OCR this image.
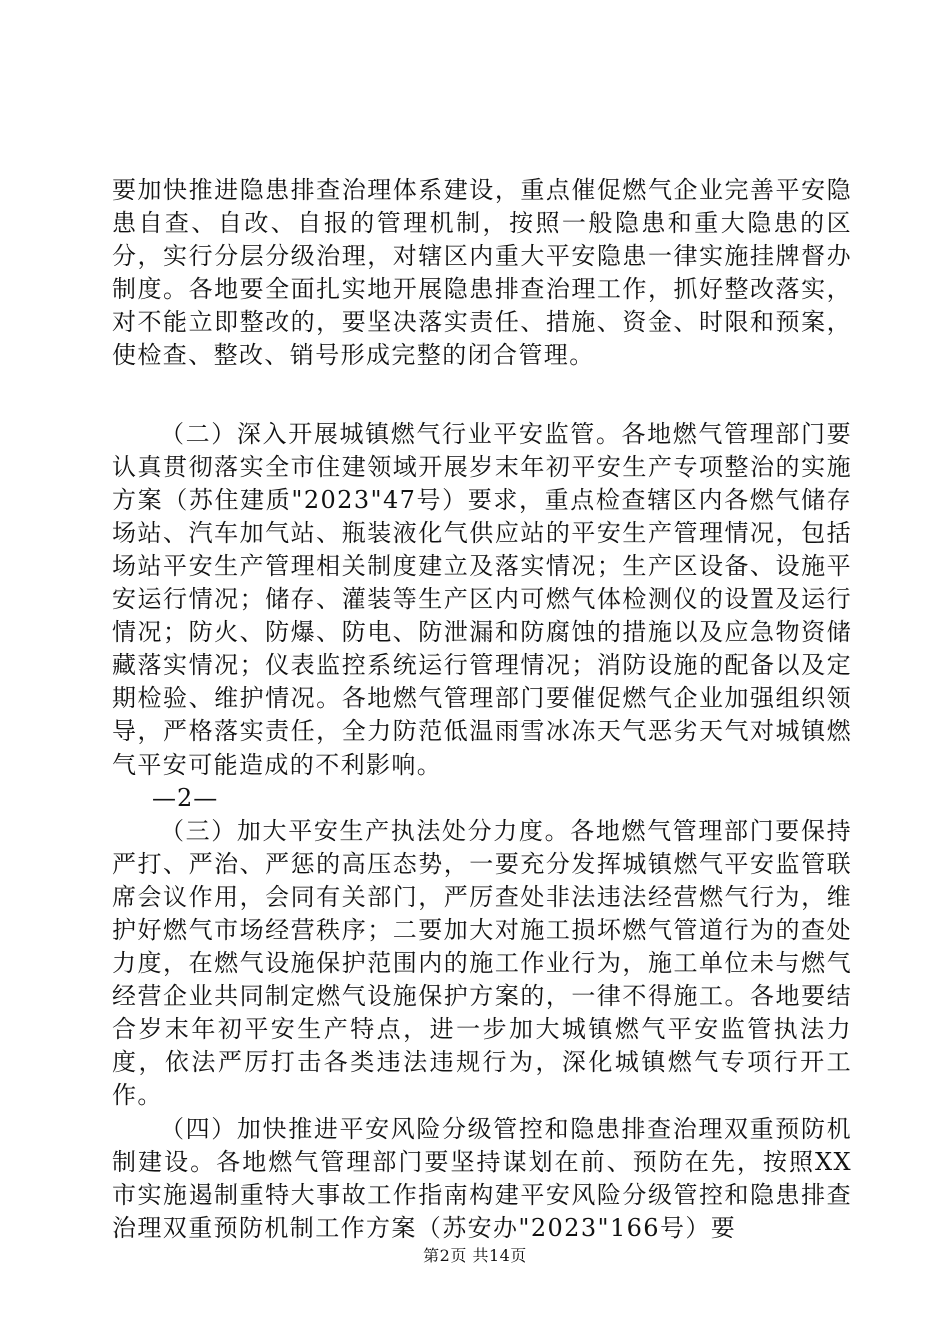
要加快推进隐患排查治理体系建设，重点催促燃气企业完善平安隐患自查、自改、自报的管理机制，按照一般隐患和重大隐患的区分，实行分层分级治理，对辖区内重大平安隐患一律实施挂牌督办制度。各地要全面扎实地开展隐患排查治理工作，抓好整改落实，对不能立即整改的，要坚决落实责任、措施、资金、时限和预案，使检查、整改、销号形成完整的闭合管理。

（二）深入开展城镇燃气行业平安监管。各地燃气管理部门要认真贯彻落实全市住建领域开展岁末年初平安生产专项整治的实施方案（苏住建质"2023"47号）要求，重点检查辖区内各燃气储存场站、汽车加气站、瓶装液化气供应站的平安生产管理情况，包括场站平安生产管理相关制度建立及落实情况；生产区设备、设施平安运行情况；储存、灌装等生产区内可燃气体检测仪的设置及运行情况；防火、防爆、防电、防泄漏和防腐蚀的措施以及应急物资储藏落实情况；仪表监控系统运行管理情况；消防设施的配备以及定期检验、维护情况。各地燃气管理部门要催促燃气企业加强组织领导，严格落实责任，全力防范低温雨雪冰冻天气恶劣天气对城镇燃气平安可能造成的不利影响。

—2—

（三）加大平安生产执法处分力度。各地燃气管理部门要保持严打、严治、严惩的高压态势，一要充分发挥城镇燃气平安监管联席会议作用，会同有关部门，严厉查处非法违法经营燃气行为，维护好燃气市场经营秩序；二要加大对施工损坏燃气管道行为的查处力度，在燃气设施保护范围内的施工作业行为，施工单位未与燃气经营企业共同制定燃气设施保护方案的，一律不得施工。各地要结合岁末年初平安生产特点，进一步加大城镇燃气平安监管执法力度，依法严厉打击各类违法违规行为，深化城镇燃气专项行开工作。

（四）加快推进平安风险分级管控和隐患排查治理双重预防机制建设。各地燃气管理部门要坚持谋划在前、预防在先，按照XX市实施遏制重特大事故工作指南构建平安风险分级管控和隐患排查治理双重预防机制工作方案（苏安办"2023"166号）要

第2页 共14页
